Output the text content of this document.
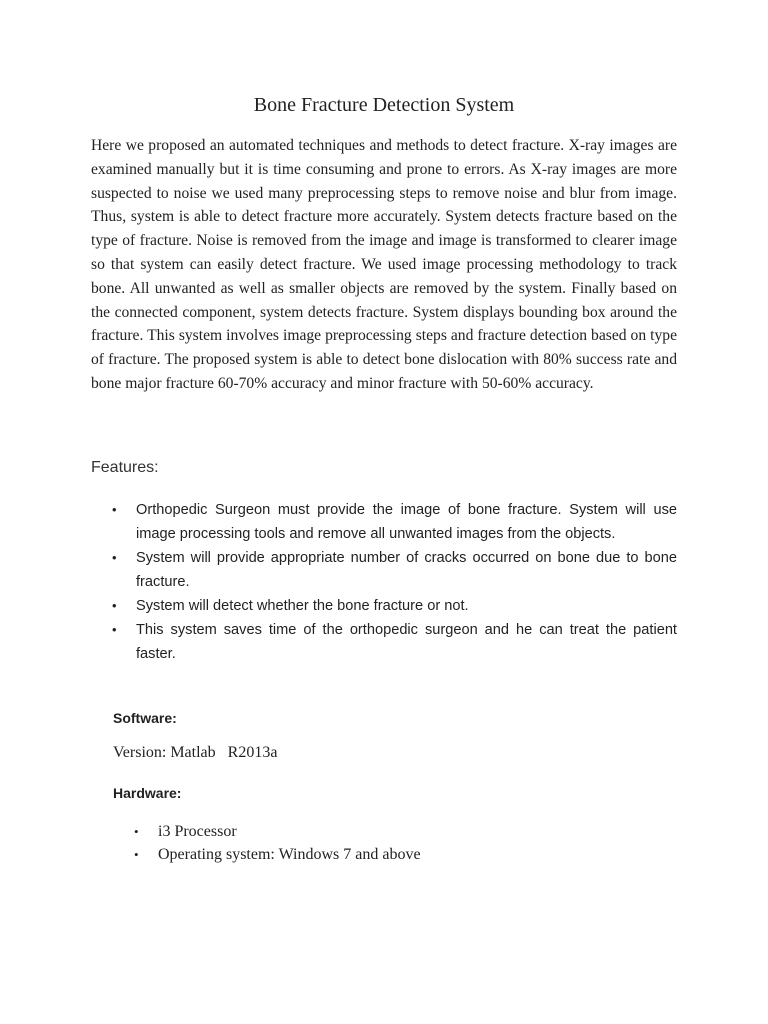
Bone Fracture Detection System

Here we proposed an automated techniques and methods to detect fracture. X-ray images are examined manually but it is time consuming and prone to errors. As X-ray images are more suspected to noise we used many preprocessing steps to remove noise and blur from image. Thus, system is able to detect fracture more accurately. System detects fracture based on the type of fracture. Noise is removed from the image and image is transformed to clearer image so that system can easily detect fracture. We used image processing methodology to track bone. All unwanted as well as smaller objects are removed by the system. Finally based on the connected component, system detects fracture. System displays bounding box around the fracture. This system involves image preprocessing steps and fracture detection based on type of fracture. The proposed system is able to detect bone dislocation with 80% success rate and bone major fracture 60-70% accuracy and minor fracture with 50-60% accuracy.

Features:
•	Orthopedic Surgeon must provide the image of bone fracture. System will use image processing tools and remove all unwanted images from the objects.
•	System will provide appropriate number of cracks occurred on bone due to bone fracture.
•	System will detect whether the bone fracture or not.
•	This system saves time of the orthopedic surgeon and he can treat the patient faster.

Software:

Version: Matlab   R2013a

Hardware:

•	i3 Processor
•	Operating system: Windows 7 and above
